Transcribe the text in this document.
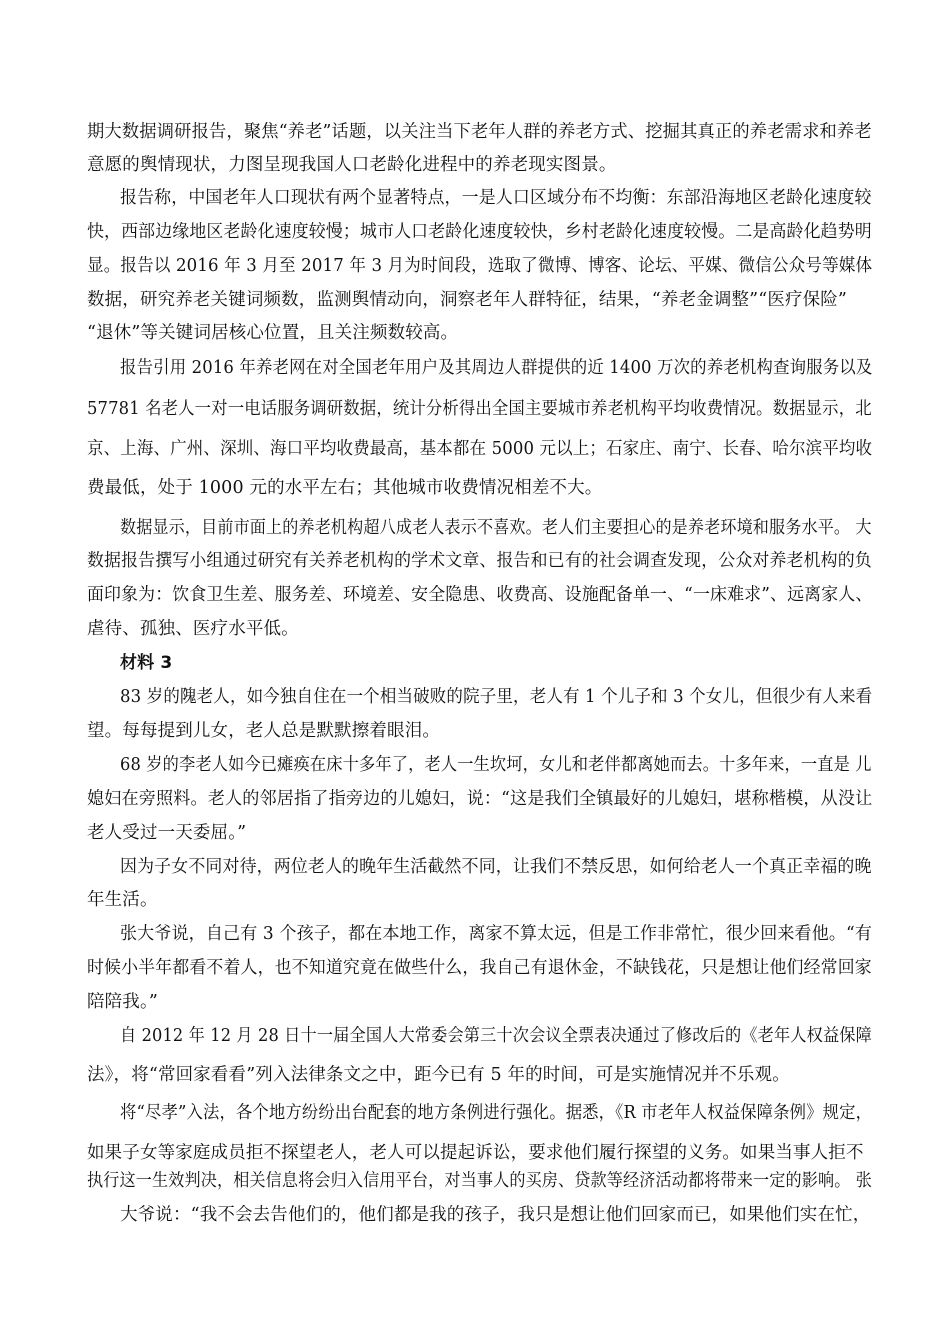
期大数据调研报告，聚焦“养老”话题，以关注当下老年人群的养老方式、挖掘其真正的养老需求和养老
意愿的舆情现状，力图呈现我国人口老龄化进程中的养老现实图景。
报告称，中国老年人口现状有两个显著特点，一是人口区域分布不均衡：东部沿海地区老龄化速度较
快，西部边缘地区老龄化速度较慢；城市人口老龄化速度较快，乡村老龄化速度较慢。二是高龄化趋势明
显。报告以 2016 年 3 月至 2017 年 3 月为时间段，选取了微博、博客、论坛、平媒、微信公众号等媒体
数据，研究养老关键词频数，监测舆情动向，洞察老年人群特征，结果，“养老金调整”“医疗保险”
“退休”等关键词居核心位置，且关注频数较高。
报告引用 2016 年养老网在对全国老年用户及其周边人群提供的近 1400 万次的养老机构查询服务以及
57781 名老人一对一电话服务调研数据，统计分析得出全国主要城市养老机构平均收费情况。数据显示，北
京、上海、广州、深圳、海口平均收费最高，基本都在 5000 元以上；石家庄、南宁、长春、哈尔滨平均收
费最低，处于 1000 元的水平左右；其他城市收费情况相差不大。
数据显示，目前市面上的养老机构超八成老人表示不喜欢。老人们主要担心的是养老环境和服务水平。 大
数据报告撰写小组通过研究有关养老机构的学术文章、报告和已有的社会调查发现，公众对养老机构的负
面印象为：饮食卫生差、服务差、环境差、安全隐患、收费高、设施配备单一、“一床难求”、远离家人、
虐待、孤独、医疗水平低。
材料 3
83 岁的隗老人，如今独自住在一个相当破败的院子里，老人有 1 个儿子和 3 个女儿，但很少有人来看
望。每每提到儿女，老人总是默默擦着眼泪。
68 岁的李老人如今已瘫痪在床十多年了，老人一生坎坷，女儿和老伴都离她而去。十多年来，一直是 儿
媳妇在旁照料。老人的邻居指了指旁边的儿媳妇，说：“这是我们全镇最好的儿媳妇，堪称楷模，从没让
老人受过一天委屈。”
因为子女不同对待，两位老人的晚年生活截然不同，让我们不禁反思，如何给老人一个真正幸福的晚
年生活。
张大爷说，自己有 3 个孩子，都在本地工作，离家不算太远，但是工作非常忙，很少回来看他。“有
时候小半年都看不着人，也不知道究竟在做些什么，我自己有退休金，不缺钱花，只是想让他们经常回家
陪陪我。”
自 2012 年 12 月 28 日十一届全国人大常委会第三十次会议全票表决通过了修改后的《老年人权益保障
法》，将“常回家看看”列入法律条文之中，距今已有 5 年的时间，可是实施情况并不乐观。
将“尽孝”入法，各个地方纷纷出台配套的地方条例进行强化。据悉，《R 市老年人权益保障条例》规定，
如果子女等家庭成员拒不探望老人，老人可以提起诉讼，要求他们履行探望的义务。如果当事人拒不
执行这一生效判决，相关信息将会归入信用平台，对当事人的买房、贷款等经济活动都将带来一定的影响。 张
大爷说：“我不会去告他们的，他们都是我的孩子，我只是想让他们回家而已，如果他们实在忙，
